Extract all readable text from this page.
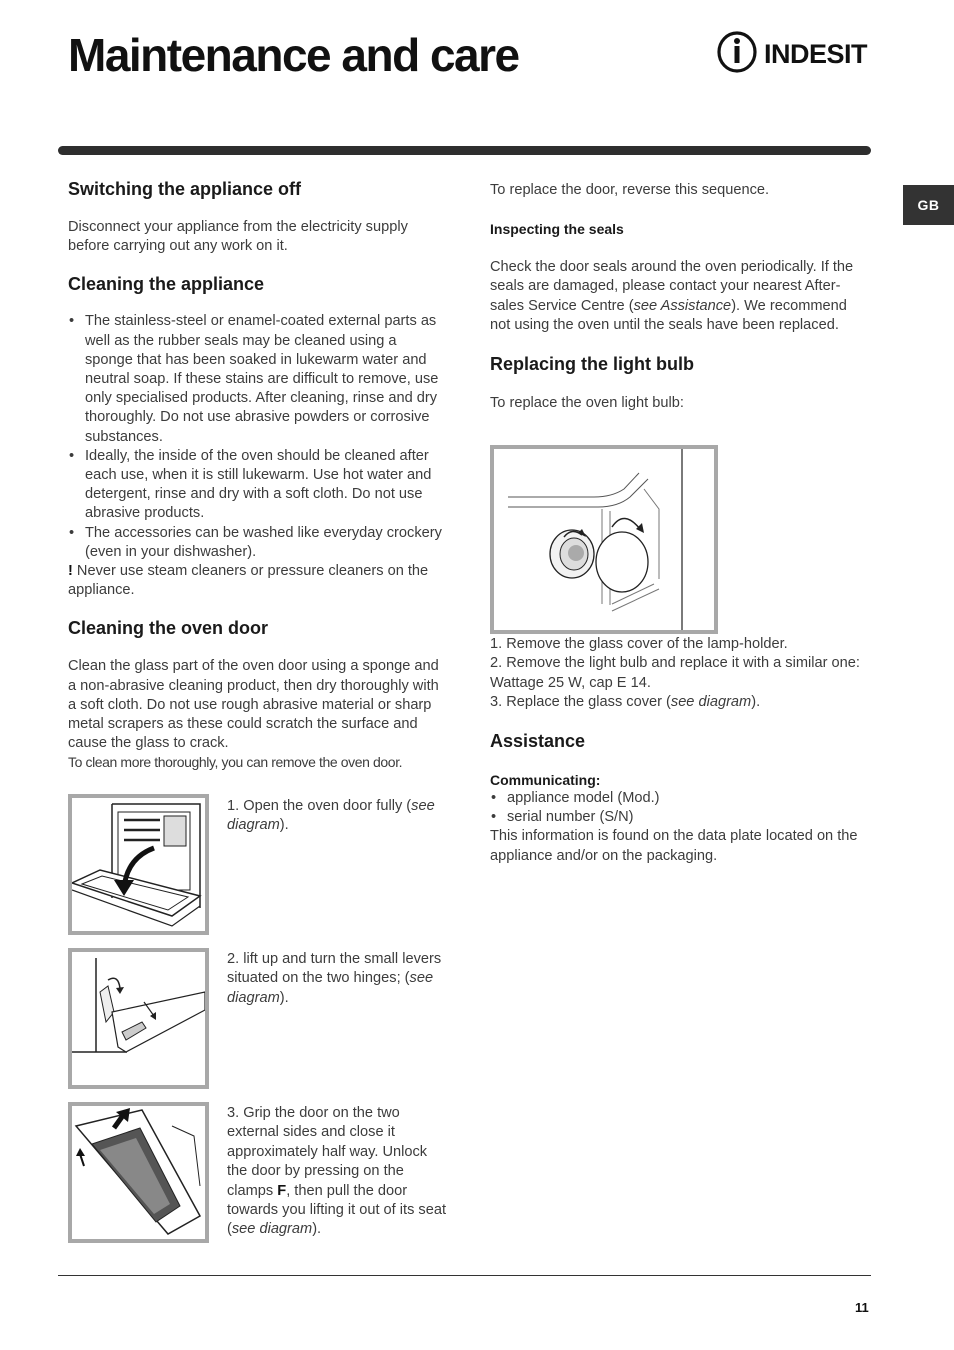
Maintenance and care	INDESIT
GB
Switching the appliance off

Disconnect your appliance from the electricity supply before carrying out any work on it.

Cleaning the appliance

• The stainless-steel or enamel-coated external parts as well as the rubber seals may be cleaned using a sponge that has been soaked in lukewarm water and neutral soap. If these stains are difficult to remove, use only specialised products. After cleaning, rinse and dry thoroughly. Do not use abrasive powders or corrosive substances.

• Ideally, the inside of the oven should be cleaned after each use, when it is still lukewarm. Use hot water and detergent, rinse and dry with a soft cloth. Do not use abrasive products.

• The accessories can be washed like everyday crockery (even in your dishwasher).

! Never use steam cleaners or pressure cleaners on the appliance.

Cleaning the oven door

Clean the glass part of the oven door using a sponge and a non-abrasive cleaning product, then dry thoroughly with a soft cloth. Do not use rough abrasive material or sharp metal scrapers as these could scratch the surface and cause the glass to crack.

To clean more thoroughly, you can remove the oven door.

1. Open the oven door fully (see diagram).
2. lift up and turn the small levers situated on the two hinges; (see diagram).
3. Grip the door on the two external sides and close it approximately half way. Unlock the door by pressing on the clamps F, then pull the door towards you lifting it out of its seat (see diagram).

To replace the door, reverse this sequence.

Inspecting the seals

Check the door seals around the oven periodically. If the seals are damaged, please contact your nearest After-sales Service Centre (see Assistance). We recommend not using the oven until the seals have been replaced.

Replacing the light bulb

To replace the oven light bulb:

1. Remove the glass cover of the lamp-holder.

2. Remove the light bulb and replace it with a similar one: Wattage 25 W, cap E 14.

3. Replace the glass cover (see diagram).

Assistance
Communicating:

• appliance model (Mod.)

• serial number (S/N)

This information is found on the data plate located on the appliance and/or on the packaging.

11
